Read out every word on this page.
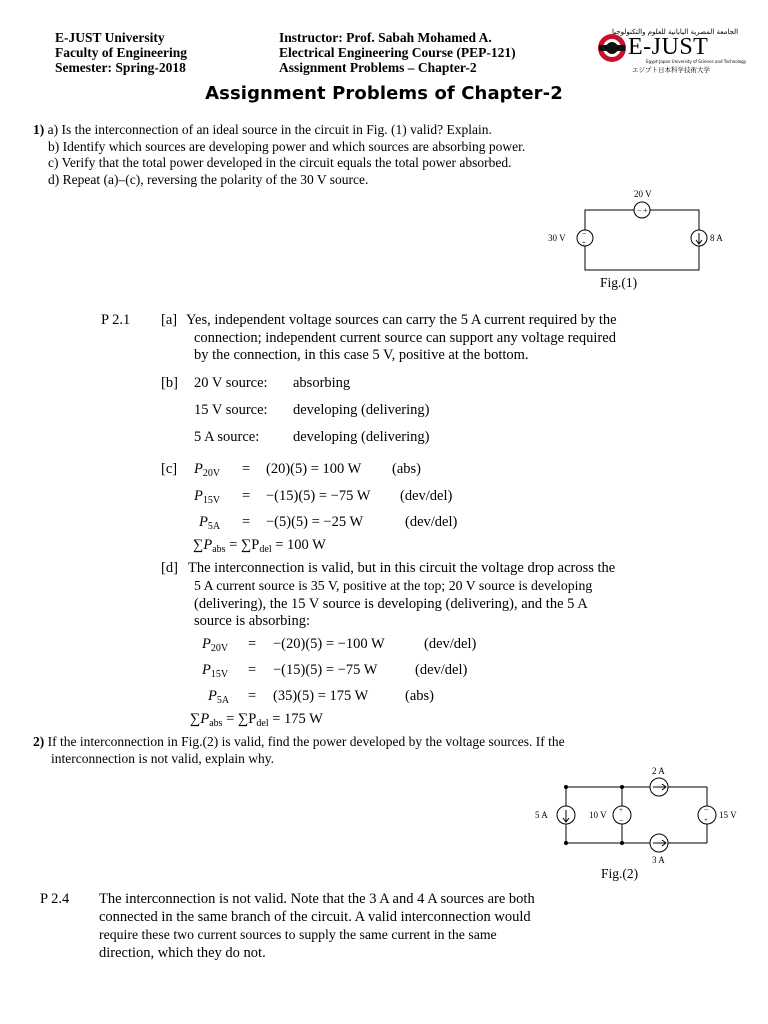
E-JUST University
Faculty of Engineering
Semester: Spring-2018
Instructor: Prof. Sabah Mohamed A.
Electrical Engineering Course (PEP-121)
Assignment Problems – Chapter-2
الجامعة المصرية اليابانية للعلوم والتكنولوجيا
E-JUST
Egypt-Japan University of Science and Technology
エジプト日本科学技術大学
Assignment Problems of Chapter-2
1) a) Is the interconnection of an ideal source in the circuit in Fig. (1) valid? Explain.
b) Identify which sources are developing power and which sources are absorbing power.
c) Verify that the total power developed in the circuit equals the total power absorbed.
d) Repeat (a)–(c), reversing the polarity of the 30 V source.
20 V
− +
30 V −
+	8 A
Fig.(1)
P 2.1 [a] Yes, independent voltage sources can carry the 5 A current required by the
connection; independent current source can support any voltage required
by the connection, in this case 5 V, positive at the bottom.
[b] 20 V source: absorbing
15 V source: developing (delivering)
5 A source: developing (delivering)
[c] $P_{20V} = (20)(5) = 100$ W (abs)
$P_{15V} = -(15)(5) = -75$ W (dev/del)
$P_{5A} = -(5)(5) = -25$ W	(dev/del)
$\sum P_{abs} = \sum P_{del} = 100$ W
[d] The interconnection is valid, but in this circuit the voltage drop across the
5 A current source is 35 V, positive at the top; 20 V source is developing
(delivering), the 15 V source is developing (delivering), and the 5 A
source is absorbing:
$P_{20V} = -(20)(5) = -100$ W	(dev/del)
$P_{15V} = -(15)(5) = -75$ W	(dev/del)
$P_{5A} = (35)(5) = 175$ W	(abs)
$\sum P_{abs} = \sum P_{del} = 175$ W
2) If the interconnection in Fig.(2) is valid, find the power developed by the voltage sources. If the
interconnection is not valid, explain why.
2 A
3 A
5 A	10 V +
−
−
+ 15 V
Fig.(2)
P 2.4 The interconnection is not valid. Note that the 3 A and 4 A sources are both
connected in the same branch of the circuit. A valid interconnection would
require these two current sources to supply the same current in the same
direction, which they do not.
